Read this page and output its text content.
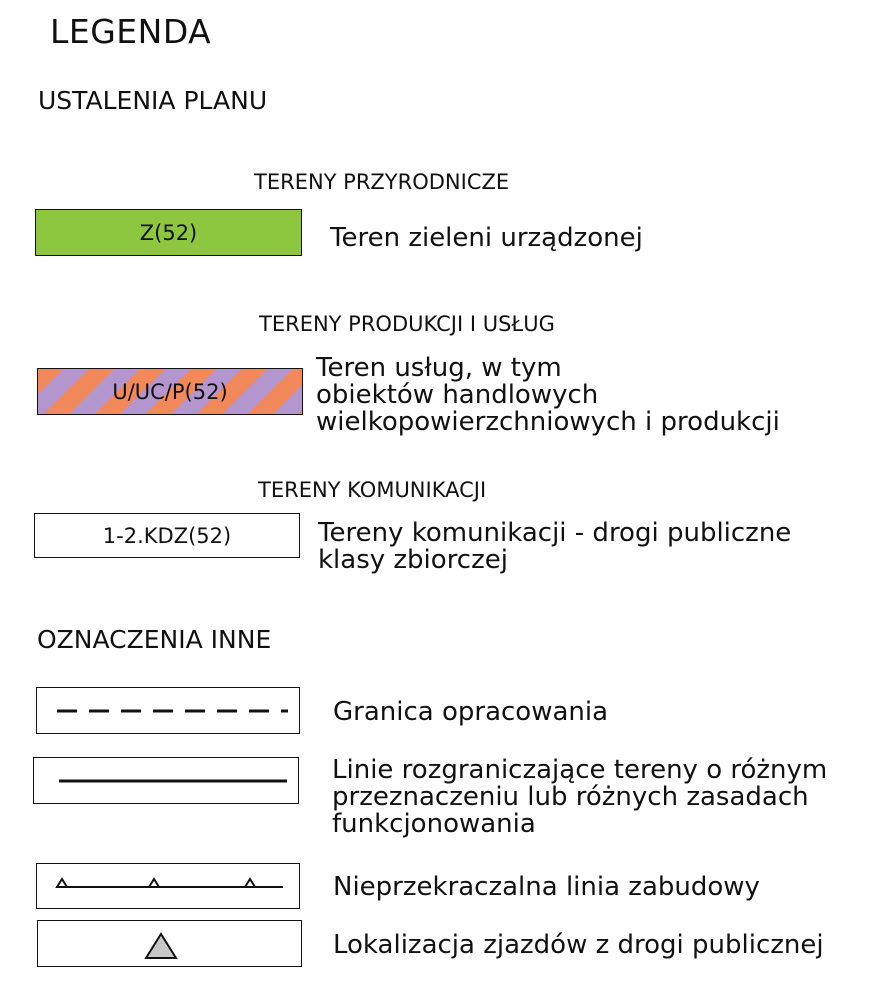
LEGENDA
USTALENIA PLANU
TERENY PRZYRODNICZE
Z(52)	Teren zieleni urządzonej
TERENY PRODUKCJI I USŁUG
U/UC/P(52)
Teren usług, w tym
obiektów handlowych
wielkopowierzchniowych i produkcji
TERENY KOMUNIKACJI
1-2.KDZ(52)	Tereny komunikacji - drogi publiczne
klasy zbiorczej
OZNACZENIA INNE
Granica opracowania
Linie rozgraniczające tereny o różnym
przeznaczeniu lub różnych zasadach
funkcjonowania
Nieprzekraczalna linia zabudowy
Lokalizacja zjazdów z drogi publicznej
